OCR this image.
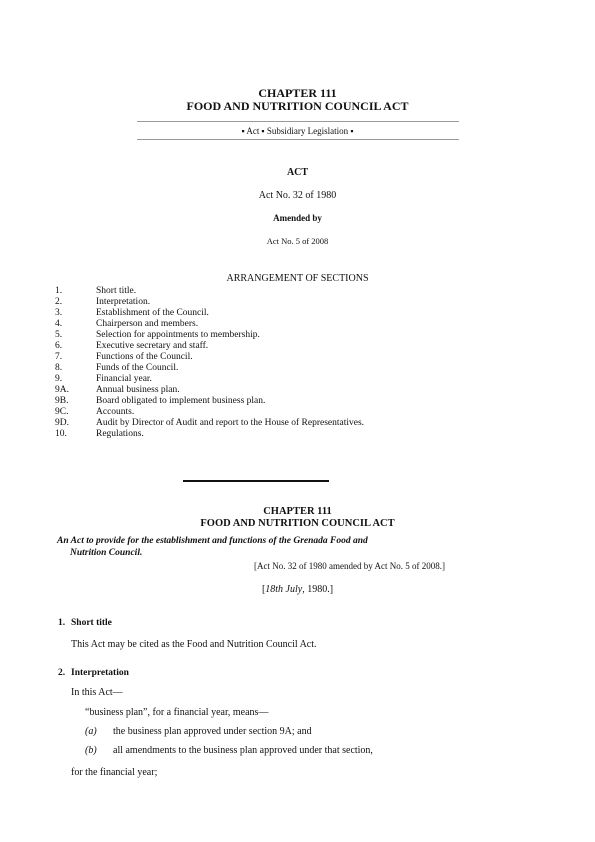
CHAPTER 111
FOOD AND NUTRITION COUNCIL ACT
▪ Act ▪ Subsidiary Legislation ▪
ACT
Act No. 32 of 1980
Amended by
Act No. 5 of 2008
ARRANGEMENT OF SECTIONS
1.	Short title.
2.	Interpretation.
3.	Establishment of the Council.
4.	Chairperson and members.
5.	Selection for appointments to membership.
6.	Executive secretary and staff.
7.	Functions of the Council.
8.	Funds of the Council.
9.	Financial year.
9A.	Annual business plan.
9B.	Board obligated to implement business plan.
9C.	Accounts.
9D.	Audit by Director of Audit and report to the House of Representatives.
10.	Regulations.
CHAPTER 111
FOOD AND NUTRITION COUNCIL ACT
An Act to provide for the establishment and functions of the Grenada Food and
Nutrition Council.
[Act No. 32 of 1980 amended by Act No. 5 of 2008.]
[18th July, 1980.]
1. Short title
This Act may be cited as the Food and Nutrition Council Act.
2. Interpretation
In this Act—
“business plan”, for a financial year, means—
(a) the business plan approved under section 9A; and
(b) all amendments to the business plan approved under that section,
for the financial year;
